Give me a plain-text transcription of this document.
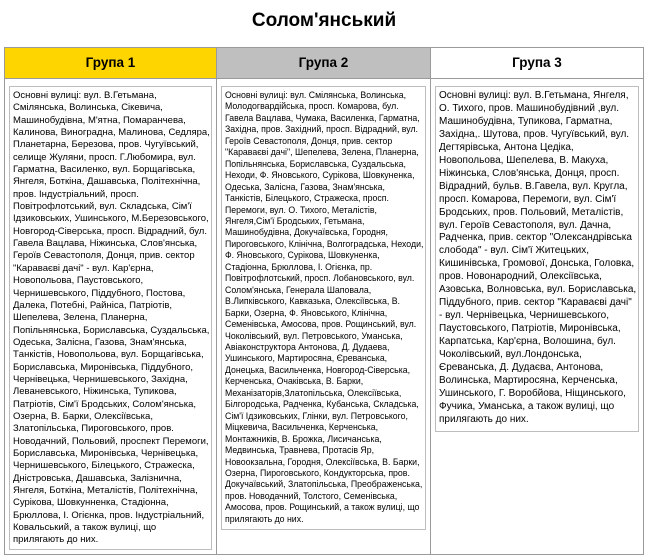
Солом'янський
Група 1
Основні вулиці: вул. В.Гетьмана, Смілянська, Волинська, Сікевича, Машинобудівна, М'ятна, Помаранчева, Калинова, Виноградна, Малинова, Седляра, Планетарна, Березова, пров. Чугуївський, селище Жуляни, просп. Г.Любомира, вул. Гарматна, Василенко, вул. Борщагівська, Янгеля, Боткіна, Дашавська, Політехнічна, пров. Індустріальний, просп. Повітрофлотський, вул. Складська, Сім'ї Ідзиковських, Ушинського, М.Березовського, Новгород-Сіверська, просп. Відрадний, бул. Гавела Вацлава, Ніжинська, Слов'янська, Героїв Севастополя, Донця, прив. сектор "Караваєві дачі" - вул. Кар'єрна, Новопольова, Паустовського, Чернишевського, Піддубного, Постова, Далека, Потебні, Райніса, Патріотів, Шепелева, Зелена, Планерна, Попільнянська, Бориславська, Суздальська, Одеська, Залісна, Газова, Знам'янська, Тaнкістів, Новопольова, вул. Борщагівська, Бориславська, Миронівська, Піддубного, Чернівецька, Чернишевського, Західна, Леваневського, Ніжинська, Тупикова, Патріотів, Сім'ї Бродських, Солом'янська, Озерна, В. Барки, Олексіївська, Златопільська, Пироговського, пров. Новодачний, Польовий, проспект Перемоги, Бориславська, Миронівська, Чернівецька, Чернишевського, Білецького, Стражеска, Дністровська, Дашавська, Залізнична, Янгеля, Боткіна, Металістів, Політехнічна, Сурікова, Шовкунненка, Стадіонна, Брюллова, І. Огієнка, пров. Індустріальний, Ковальський, а також вулиці, що прилягають до них.
Група 2
Основні вулиці: вул. Смілянська, Волинська, Молодогвардійська, просп. Комарова, бул. Гавела Вацлава, Чумака, Василенка, Гарматна, Західна, пров. Західний, просп. Відрадний, вул. Героїв Севастополя, Донця, прив. сектор "Караваєві дачі", Шепелева, Зелена, Планерна, Попільнянська, Бориславська, Суздальська, Неходи, Ф. Яновського, Сурікова, Шовкуненка, Одеська, Залісна, Газова, Знам'янська, Танкістів, Білецького, Стражеска, просп. Перемоги, вул. О. Тихого, Металістів, Янгеля,Сім'ї Бродських, Гетьмана, Машинобудівна, Докучаївська, Городня, Пироговського, Клінічна, Волгоградська, Неходи, Ф. Яновського, Сурікова, Шовкуненка, Стадіонна, Брюллова, І. Огієнка, пр. Повітрофлотський, просп. Лобановського, вул. Солом'янська, Генерала Шаповала, В.Липківського, Кавказька, Олексіївська, В. Барки, Озерна, Ф. Яновського, Клінічна, Семенівська, Амосова, пров. Рощинський, вул. Чоколівський, вул. Петровського, Уманська, Авіаконструктора Антонова, Д. Дудаева, Ушинського, Мартиросяна, Єреванська, Донецька, Васильченка, Новгород-Сіверська, Керченська, Очаківська, В. Барки, Механізаторів,Златопільська, Олексіївська, Білгородська, Радченка, Кубанська, Складська, Сім'ї Ідзиковських, Глінки, вул. Петровського, Міцкевича, Васильченка, Керченська, Монтажників, В. Брожка, Лисичанська, Медвинська, Травнева, Протасів Яр, Новоокзальна, Городня, Олексіївська, В. Барки, Озерна, Пироговського, Кондукторська, пров. Докучаївський, Златопільська, Преображенська, пров. Новодачний, Толстого, Семенівська, Амосова, пров. Рощинський, а також вулиці, що прилягають до них.
Група 3
Основні вулиці: вул. В.Гетьмана, Янгеля, О. Тихого, пров. Машинобудівний ,вул. Машинобудівна, Тупикова, Гарматна, Західна,. Шутова, пров. Чугуївський, вул. Дегтярівська, Антона Цедіка, Новопольова, Шепелева, В. Макуха, Ніжинська, Слов'янська, Донця, просп. Відрадний, бульв. В.Гавела, вул. Кругла, просп. Комарова, Перемоги, вул. Сім'ї Бродських, пров. Польовий, Металістів, вул. Героїв Севастополя, вул. Дачна, Радченка, прив. сектор "Олександрівська слобода" - вул. Сім'ї Житецьких, Кишинівська, Громової, Донська, Головка, пров. Новонародний, Олексіївська, Азовська, Волновська, вул. Бориславська, Піддубного, прив. сектор "Караваєві дачі" - вул. Чернівецька, Чернишевського, Паустовського, Патріотів, Миронівська, Карпатська, Кар'єрна, Волошина, бул. Чоколівський, вул.Лондонська, Єреванська, Д. Дудаєва, Антонова, Волинська, Мартиросяна, Керченська, Ушинського, Г. Воробйова, Ніщинського, Фучика, Уманська, а також вулиці, що прилягають до них.
